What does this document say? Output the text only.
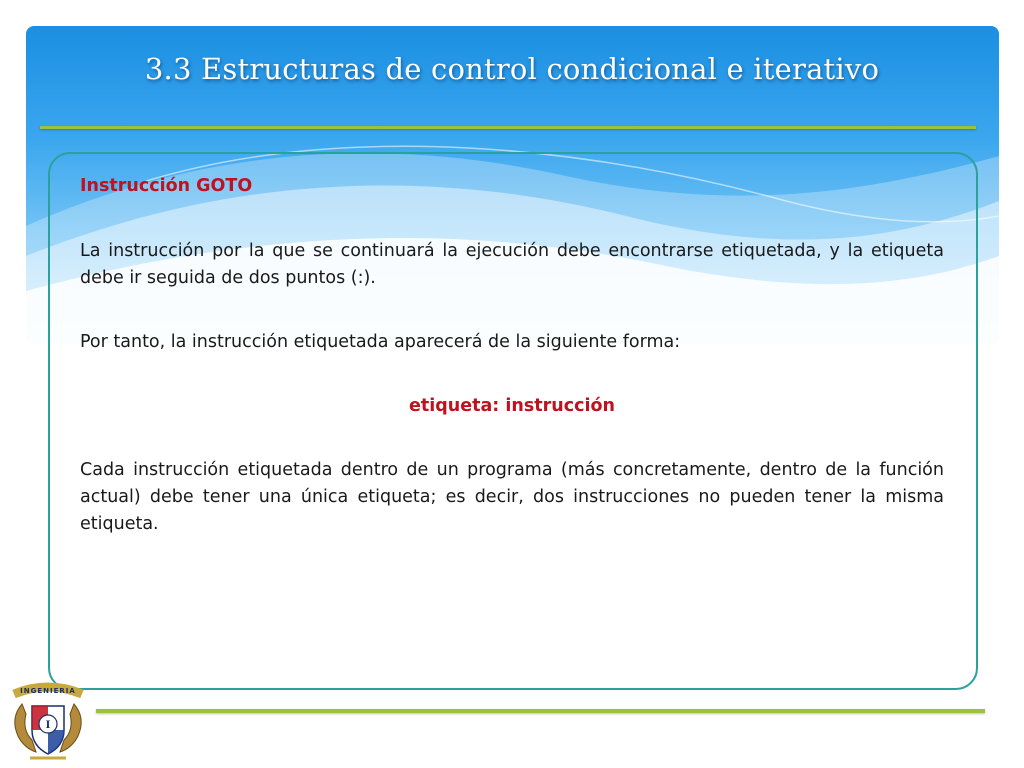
3.3 Estructuras de control condicional e iterativo
Instrucción GOTO
La instrucción por la que se continuará la ejecución debe encontrarse etiquetada, y la etiqueta debe ir seguida de dos puntos (:).
Por tanto, la instrucción etiquetada aparecerá de la siguiente forma:
etiqueta: instrucción
Cada instrucción etiquetada dentro de un programa (más concretamente, dentro de la función actual) debe tener una única etiqueta; es decir, dos instrucciones no pueden tener la misma etiqueta.
INGENIERIA
I
